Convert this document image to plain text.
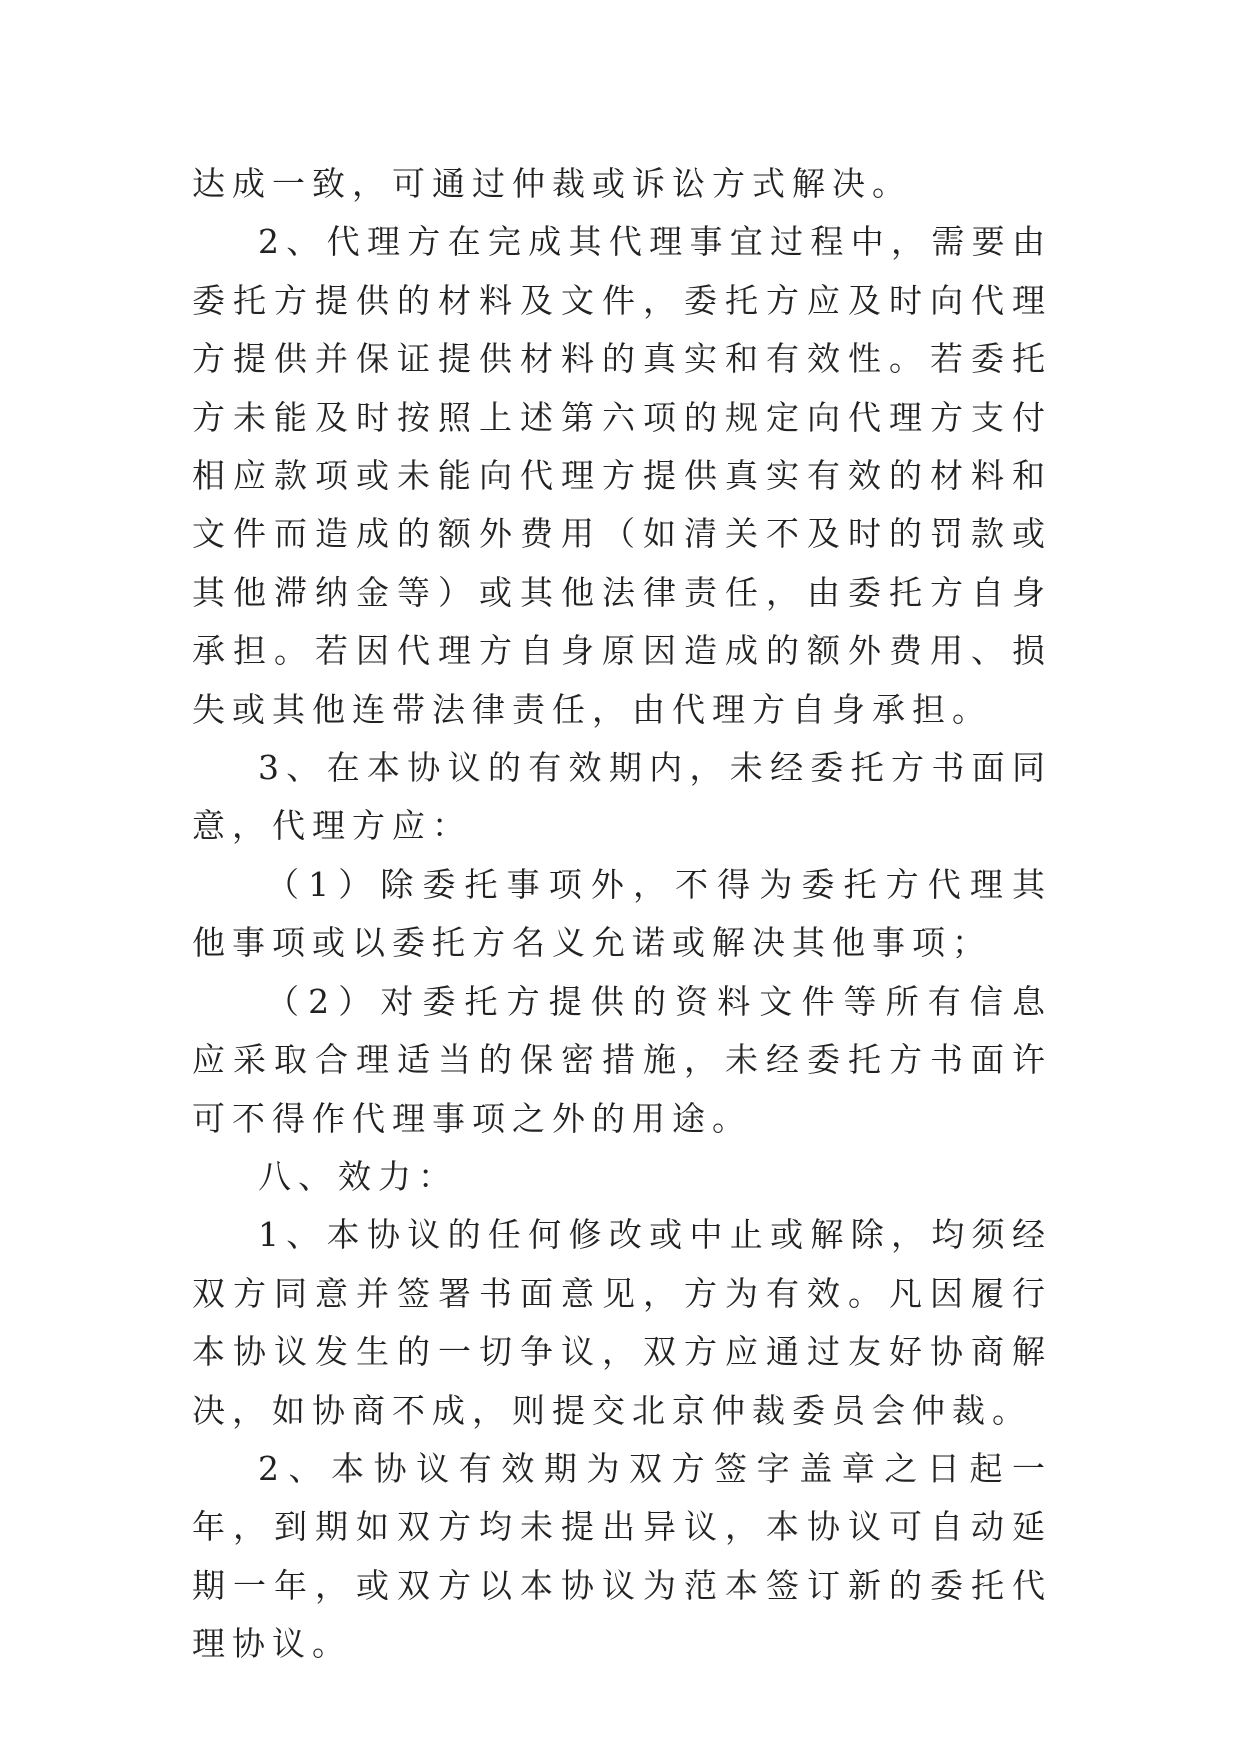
达成一致，可通过仲裁或诉讼方式解决。

2、代理方在完成其代理事宜过程中，需要由委托方提供的材料及文件，委托方应及时向代理方提供并保证提供材料的真实和有效性。若委托方未能及时按照上述第六项的规定向代理方支付相应款项或未能向代理方提供真实有效的材料和文件而造成的额外费用（如清关不及时的罚款或其他滞纳金等）或其他法律责任，由委托方自身承担。若因代理方自身原因造成的额外费用、损失或其他连带法律责任，由代理方自身承担。

3、在本协议的有效期内，未经委托方书面同意，代理方应：

（1）除委托事项外，不得为委托方代理其他事项或以委托方名义允诺或解决其他事项；

（2）对委托方提供的资料文件等所有信息应采取合理适当的保密措施，未经委托方书面许可不得作代理事项之外的用途。

八、效力：

1、本协议的任何修改或中止或解除，均须经双方同意并签署书面意见，方为有效。凡因履行本协议发生的一切争议，双方应通过友好协商解决，如协商不成，则提交北京仲裁委员会仲裁。

2、本协议有效期为双方签字盖章之日起一年，到期如双方均未提出异议，本协议可自动延期一年，或双方以本协议为范本签订新的委托代理协议。
